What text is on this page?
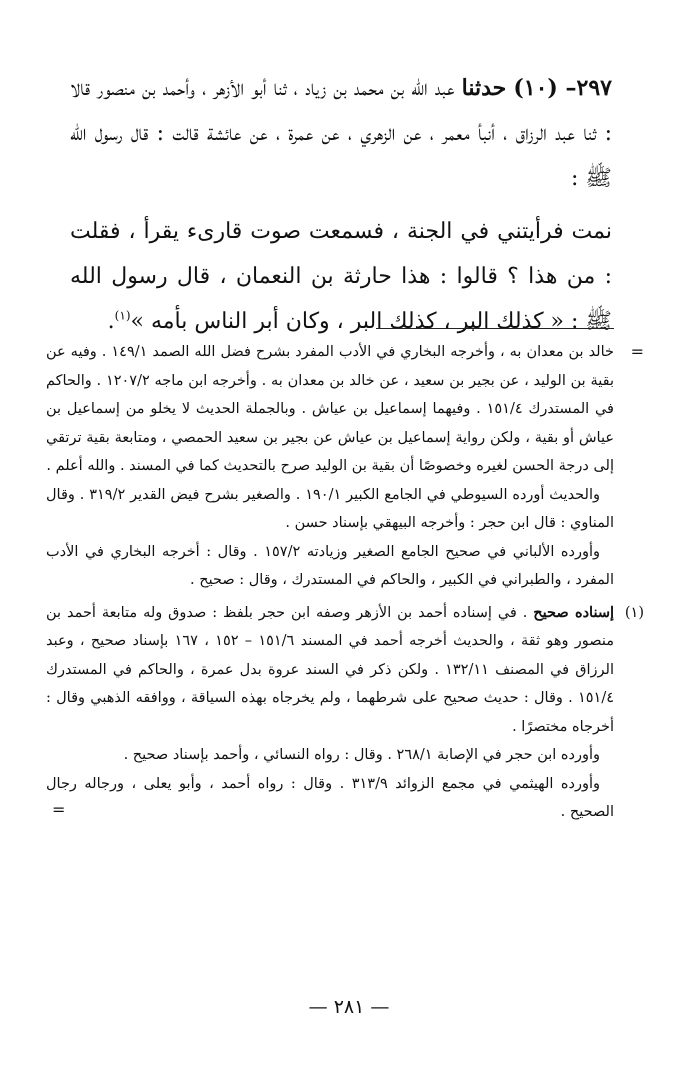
٢٩٧– (١٠) حدثنا عبد الله بن محمد بن زياد ، ثنا أبو الأزهر ، وأحمد بن منصور قالا : ثنا عبد الرزاق ، أنبأ معمر ، عن الزهري ، عن عمرة ، عن عائشة قالت : قال رسول الله ﷺ :

نمت فرأيتني في الجنة ، فسمعت صوت قارىء يقرأ ، فقلت : من هذا ؟ قالوا : هذا حارثة بن النعمان ، قال رسول الله ﷺ : « كذلك البر ، كذلك البر ، وكان أبر الناس بأمه »$^{(١)}$.

=

خالد بن معدان به ، وأخرجه البخاري في الأدب المفرد بشرح فضل الله الصمد ١٤٩/١ . وفيه عن بقية بن الوليد ، عن بجير بن سعيد ، عن خالد بن معدان به . وأخرجه ابن ماجه ١٢٠٧/٢ . والحاكم في المستدرك ١٥١/٤ . وفيهما إسماعيل بن عياش . وبالجملة الحديث لا يخلو من إسماعيل بن عياش أو بقية ، ولكن رواية إسماعيل بن عياش عن بجير بن سعيد الحمصي ، ومتابعة بقية ترتقي إلى درجة الحسن لغيره وخصوصًا أن بقية بن الوليد صرح بالتحديث كما في المسند . والله أعلم .

والحديث أورده السيوطي في الجامع الكبير ١٩٠/١ . والصغير بشرح فيض القدير ٣١٩/٢ . وقال المناوي : قال ابن حجر : وأخرجه البيهقي بإسناد حسن .

وأورده الألباني في صحيح الجامع الصغير وزيادته ١٥٧/٢ . وقال : أخرجه البخاري في الأدب المفرد ، والطبراني في الكبير ، والحاكم في المستدرك ، وقال : صحيح .

(١)

إسناده صحيح . في إسناده أحمد بن الأزهر وصفه ابن حجر بلفظ : صدوق وله متابعة أحمد بن منصور وهو ثقة ، والحديث أخرجه أحمد في المسند ١٥١/٦ – ١٥٢ ، ١٦٧ بإسناد صحيح ، وعبد الرزاق في المصنف ١٣٢/١١ . ولكن ذكر في السند عروة بدل عمرة ، والحاكم في المستدرك ١٥١/٤ . وقال : حديث صحيح على شرطهما ، ولم يخرجاه بهذه السياقة ، ووافقه الذهبي وقال : أخرجاه مختصرًا .

وأورده ابن حجر في الإصابة ٢٦٨/١ . وقال : رواه النسائي ، وأحمد بإسناد صحيح .

وأورده الهيثمي في مجمع الزوائد ٣١٣/٩ . وقال : رواه أحمد ، وأبو يعلى ، ورجاله رجال الصحيح .

=
— ٢٨١ —
